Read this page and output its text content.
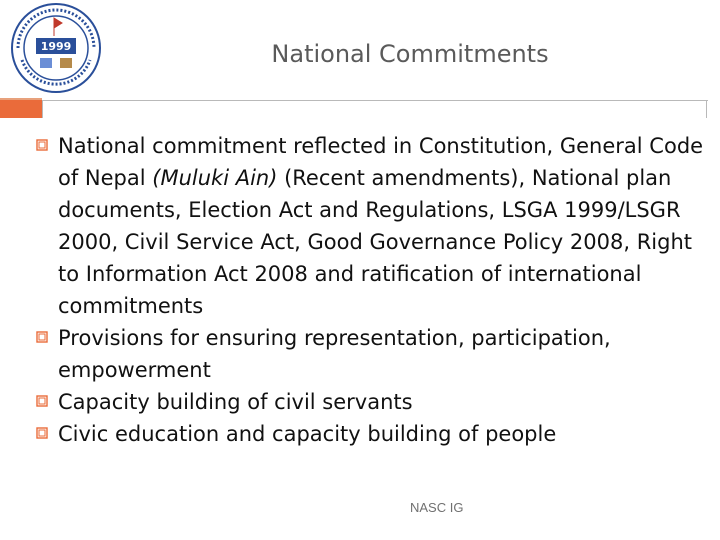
1999	National Commitments
National commitment reflected in Constitution, General Code of Nepal (Muluki Ain) (Recent amendments), National plan documents, Election Act and Regulations, LSGA 1999/LSGR 2000, Civil Service Act, Good Governance Policy 2008, Right to Information Act 2008 and ratification of international commitments
Provisions for ensuring representation, participation, empowerment
Capacity building of civil servants
Civic education and capacity building of people
NASC IG
